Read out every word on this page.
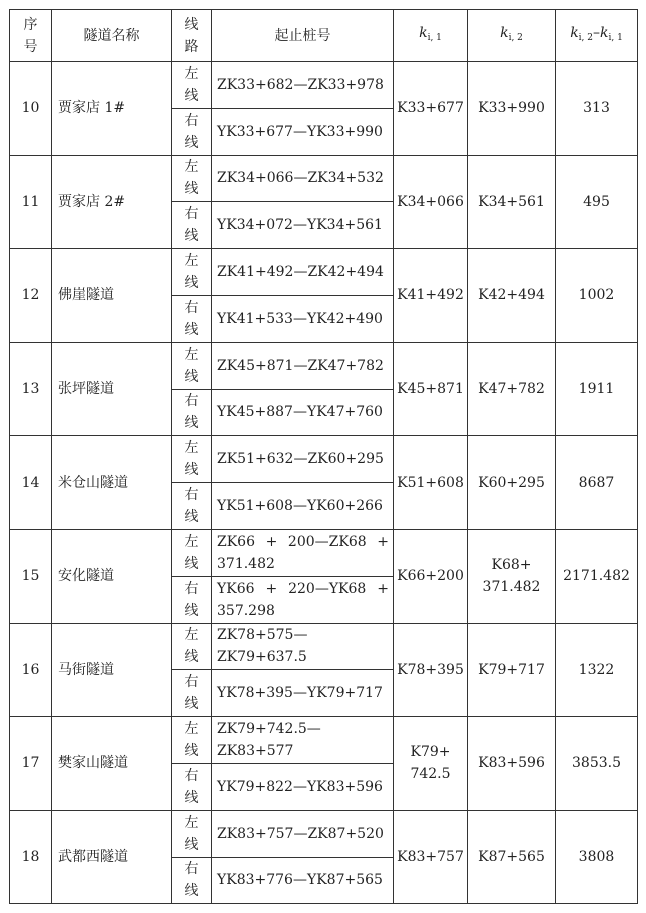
序号	隧道名称	线路	起止桩号	$k_{i, 1}$	$k_{i, 2}$	$k_{i, 2}-k_{i, 1}$
10	贾家店 1#	左线	ZK33+682—ZK33+978	K33+677	K33+990	313

		右线	YK33+677—YK33+990			
11	贾家店 2#	左线	ZK34+066—ZK34+532	K34+066	K34+561	495

		右线	YK34+072—YK34+561			
12	佛崖隧道	左线	ZK41+492—ZK42+494	K41+492	K42+494	1002

		右线	YK41+533—YK42+490			
13	张坪隧道	左线	ZK45+871—ZK47+782	K45+871	K47+782	1911

		右线	YK45+887—YK47+760			
14	米仓山隧道	左线	ZK51+632—ZK60+295	K51+608	K60+295	8687

		右线	YK51+608—YK60+266			
15	安化隧道	左线	ZK66 + 200—ZK68 + 371.482	K66+200	K68+ 371.482	2171.482

		右线	YK66 + 220—YK68 + 357.298			
16	马街隧道	左线	ZK78+575—ZK79+637.5	K78+395	K79+717	1322

		右线	YK78+395—YK79+717			
17	樊家山隧道	左线	ZK79+742.5—ZK83+577	K79+ 742.5	K83+596	3853.5

		右线	YK79+822—YK83+596			
18	武都西隧道	左线	ZK83+757—ZK87+520	K83+757	K87+565	3808

		右线	YK83+776—YK87+565			
